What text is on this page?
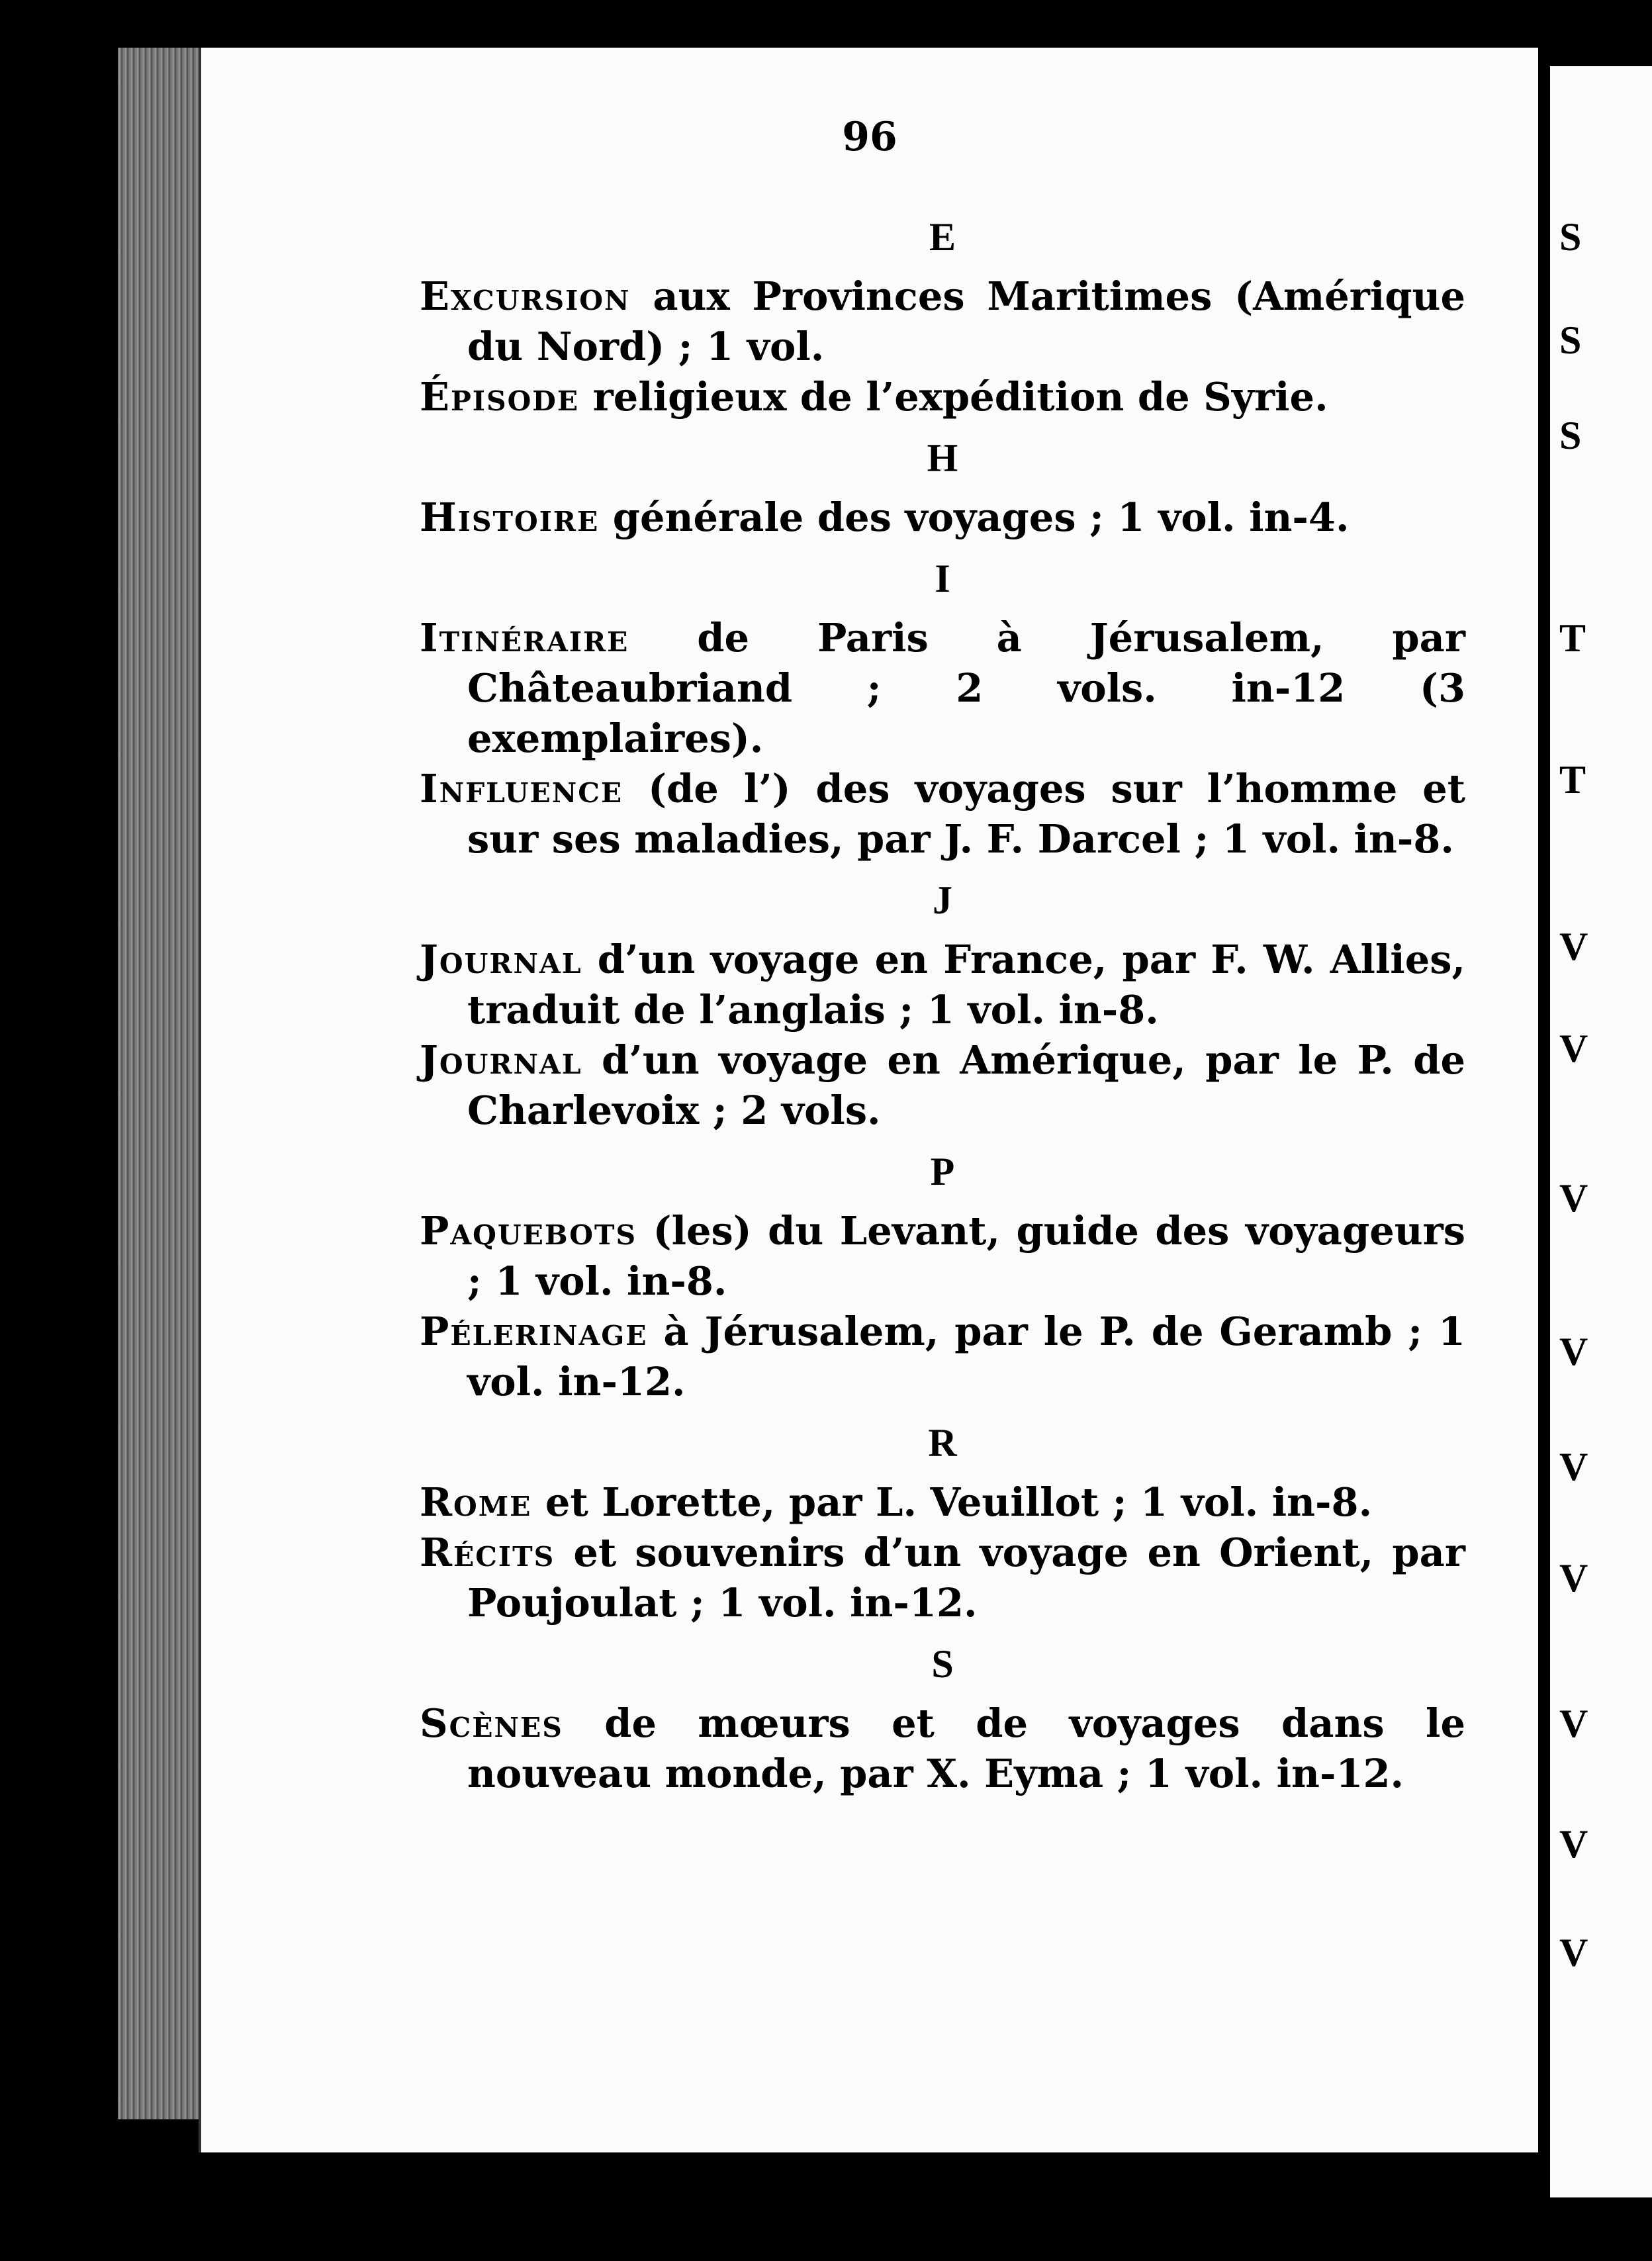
96
E

Excursion aux Provinces Maritimes (Amérique du Nord) ; 1 vol.

Épisode religieux de l’expédition de Syrie.

H

Histoire générale des voyages ; 1 vol. in-4.

I

Itinéraire de Paris à Jérusalem, par Châteaubriand ; 2 vols. in-12 (3 exemplaires).

Influence (de l’) des voyages sur l’homme et sur ses maladies, par J. F. Darcel ; 1 vol. in-8.

J

Journal d’un voyage en France, par F. W. Allies, traduit de l’anglais ; 1 vol. in-8.

Journal d’un voyage en Amérique, par le P. de Charlevoix ; 2 vols.

P

Paquebots (les) du Levant, guide des voyageurs ; 1 vol. in-8.

Pélerinage à Jérusalem, par le P. de Geramb ; 1 vol. in-12.

R

Rome et Lorette, par L. Veuillot ; 1 vol. in-8.

Récits et souvenirs d’un voyage en Orient, par Poujoulat ; 1 vol. in-12.

S

Scènes de mœurs et de voyages dans le nouveau monde, par X. Eyma ; 1 vol. in-12.

S
S
S
T
T
V
V
V
V
V
V
V
V
V
